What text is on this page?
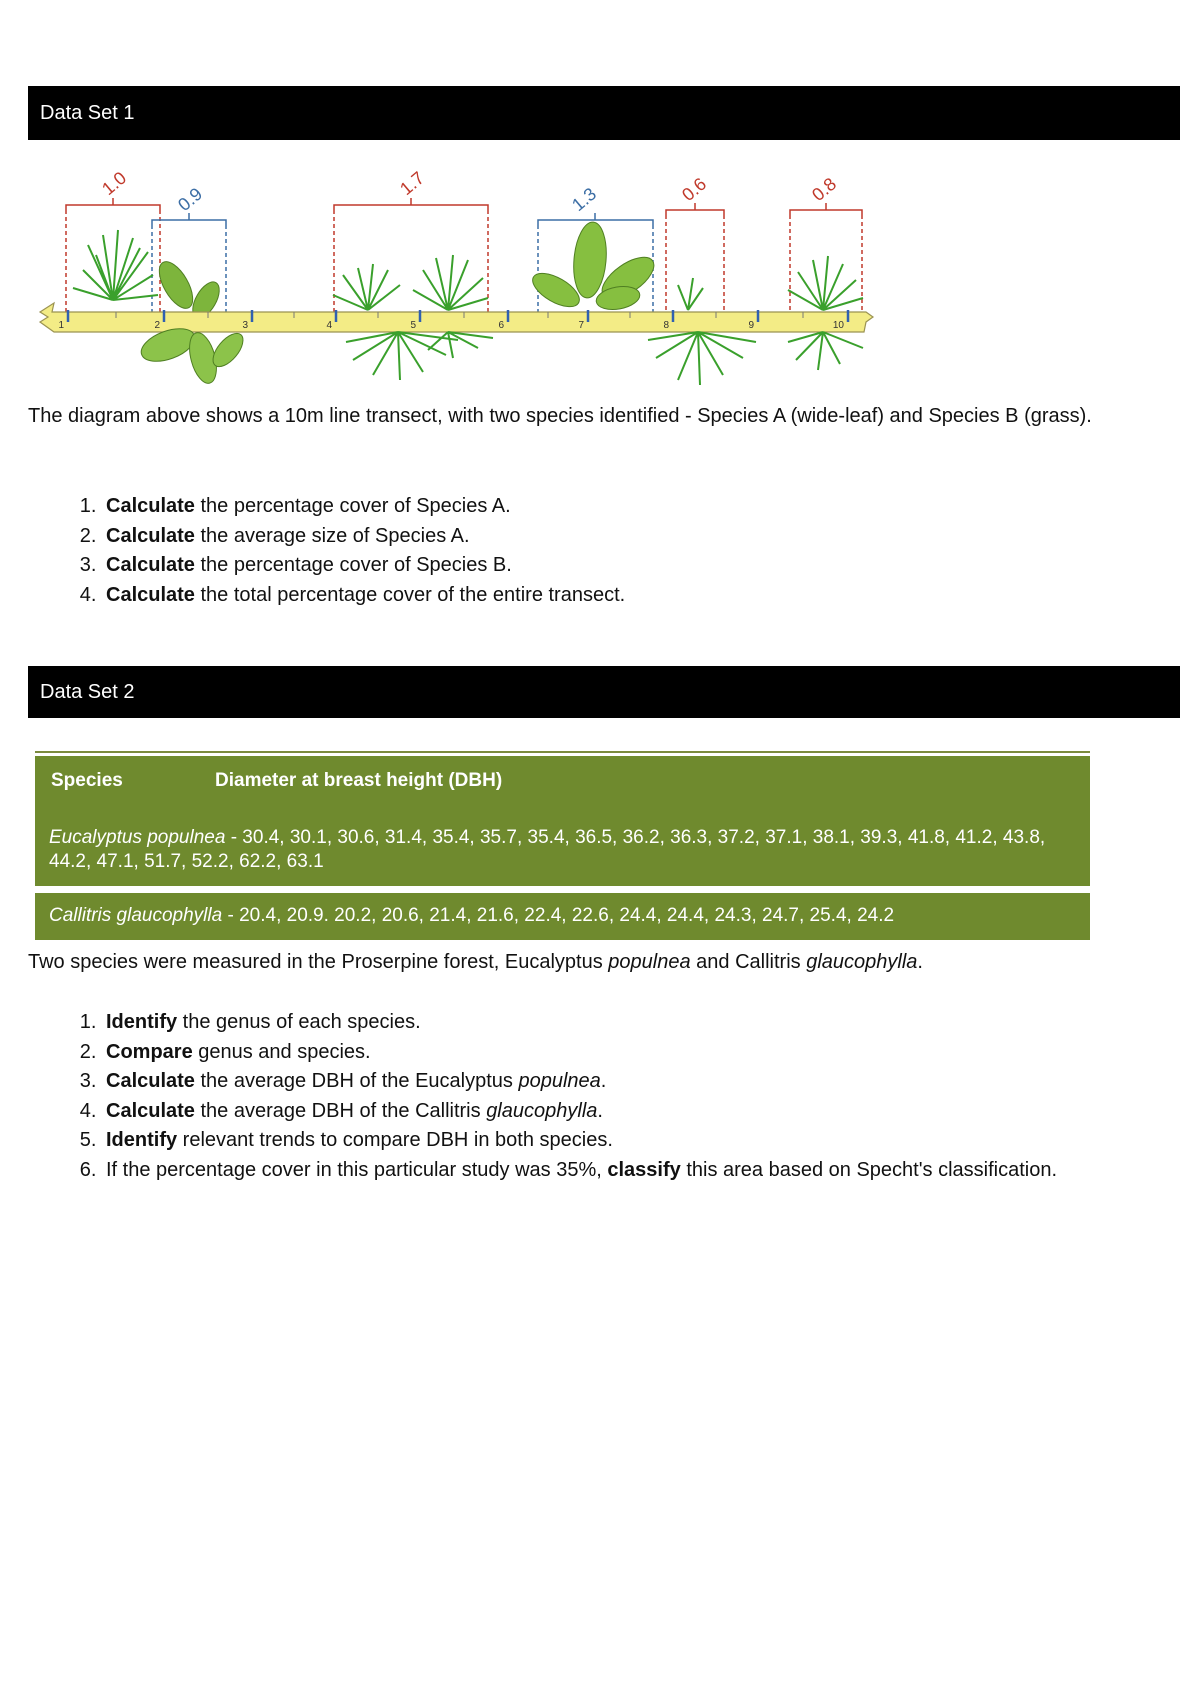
Data Set 1
1.0
0.9
1.7
1.3	0.6	0.8
1	2	3	4	5	6	7	8	9	10

The diagram above shows a 10m line transect, with two species identified - Species A (wide-leaf) and Species B (grass).

1. Calculate the percentage cover of Species A.
2. Calculate the average size of Species A.
3. Calculate the percentage cover of Species B.
4. Calculate the total percentage cover of the entire transect.
Data Set 2
Species	Diameter at breast height (DBH)
Eucalyptus populnea - 30.4, 30.1, 30.6, 31.4, 35.4, 35.7, 35.4, 36.5, 36.2, 36.3, 37.2, 37.1, 38.1, 39.3, 41.8, 41.2, 43.8, 44.2, 47.1, 51.7, 52.2, 62.2, 63.1
Callitris glaucophylla - 20.4, 20.9. 20.2, 20.6, 21.4, 21.6, 22.4, 22.6, 24.4, 24.4, 24.3, 24.7, 25.4, 24.2

Two species were measured in the Proserpine forest, Eucalyptus populnea and Callitris glaucophylla.

1. Identify the genus of each species.
2. Compare genus and species.
3. Calculate the average DBH of the Eucalyptus populnea.
4. Calculate the average DBH of the Callitris glaucophylla.
5. Identify relevant trends to compare DBH in both species.
6. If the percentage cover in this particular study was 35%, classify this area based on Specht's classification.
